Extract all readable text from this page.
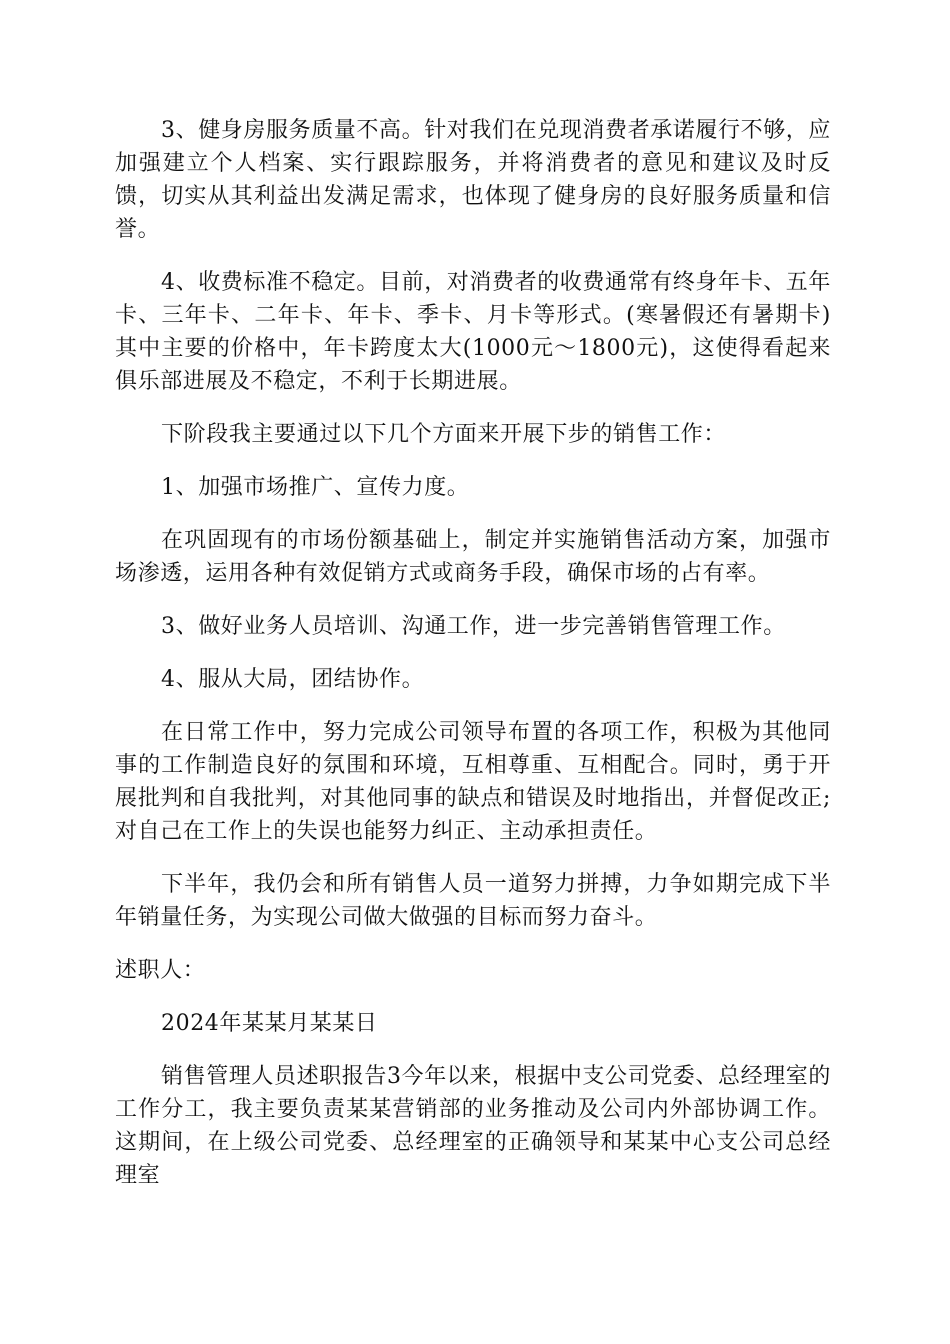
3、健身房服务质量不高。针对我们在兑现消费者承诺履行不够，应加强建立个人档案、实行跟踪服务，并将消费者的意见和建议及时反馈，切实从其利益出发满足需求，也体现了健身房的良好服务质量和信誉。

4、收费标准不稳定。目前，对消费者的收费通常有终身年卡、五年卡、三年卡、二年卡、年卡、季卡、月卡等形式。(寒暑假还有暑期卡)其中主要的价格中，年卡跨度太大(1000元～1800元)，这使得看起来俱乐部进展及不稳定，不利于长期进展。

下阶段我主要通过以下几个方面来开展下步的销售工作：

1、加强市场推广、宣传力度。

在巩固现有的市场份额基础上，制定并实施销售活动方案，加强市场渗透，运用各种有效促销方式或商务手段，确保市场的占有率。

3、做好业务人员培训、沟通工作，进一步完善销售管理工作。

4、服从大局，团结协作。

在日常工作中，努力完成公司领导布置的各项工作，积极为其他同事的工作制造良好的氛围和环境，互相尊重、互相配合。同时，勇于开展批判和自我批判，对其他同事的缺点和错误及时地指出，并督促改正;对自己在工作上的失误也能努力纠正、主动承担责任。

下半年，我仍会和所有销售人员一道努力拼搏，力争如期完成下半年销量任务，为实现公司做大做强的目标而努力奋斗。

述职人：

2024年某某月某某日

销售管理人员述职报告3今年以来，根据中支公司党委、总经理室的工作分工，我主要负责某某营销部的业务推动及公司内外部协调工作。这期间，在上级公司党委、总经理室的正确领导和某某中心支公司总经理室
